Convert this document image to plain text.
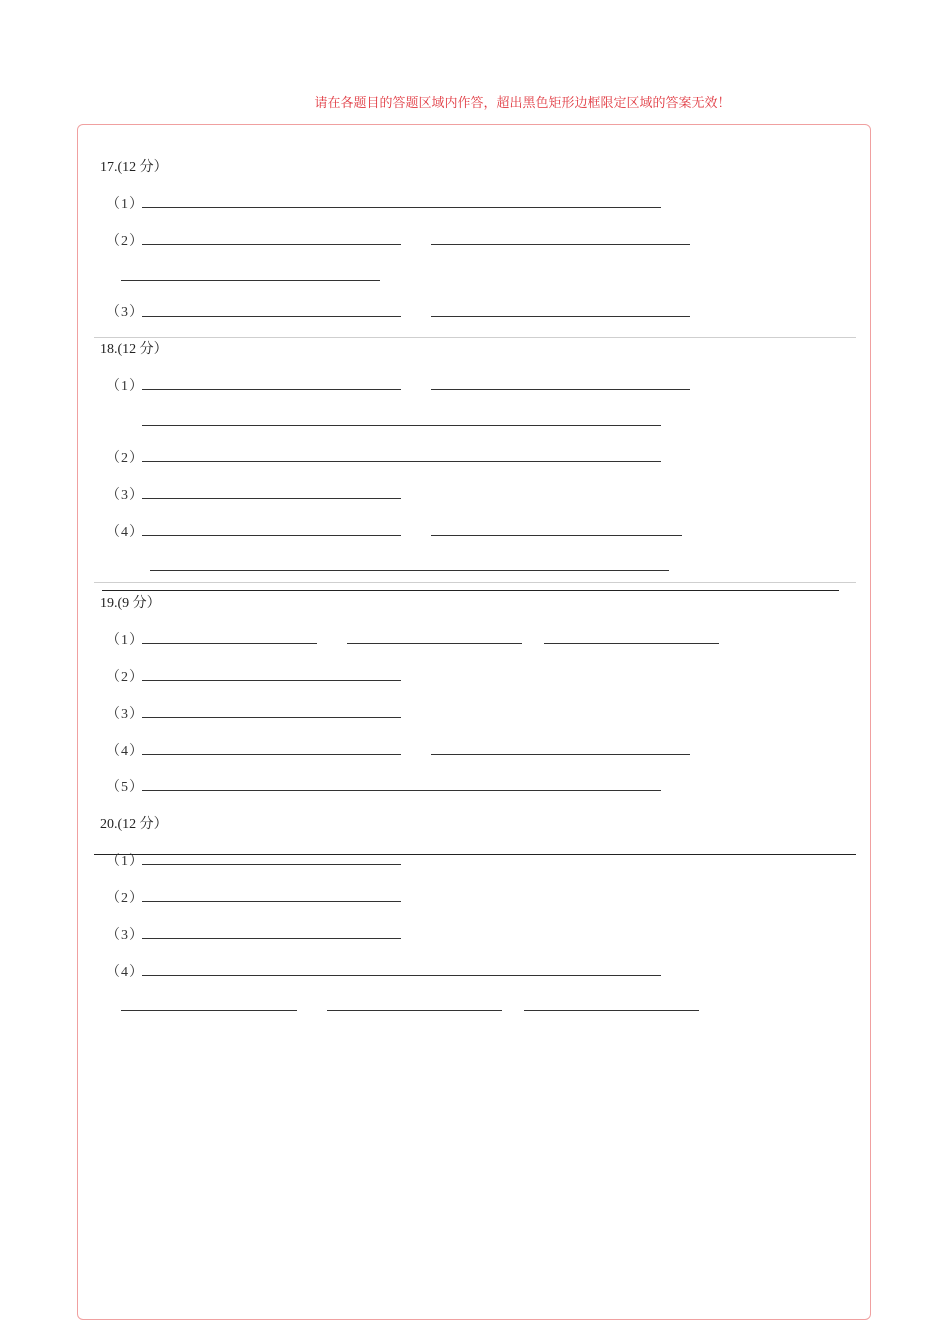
请在各题目的答题区域内作答，超出黑色矩形边框限定区域的答案无效！
17.(12 分）
（1）
（2）
（3）
18.(12 分）
（1）
（2）
（3）
（4）
19.(9 分）
（1）
（2）
（3）
（4）
（5）
20.(12 分）
（1）
（2）
（3）
（4）
